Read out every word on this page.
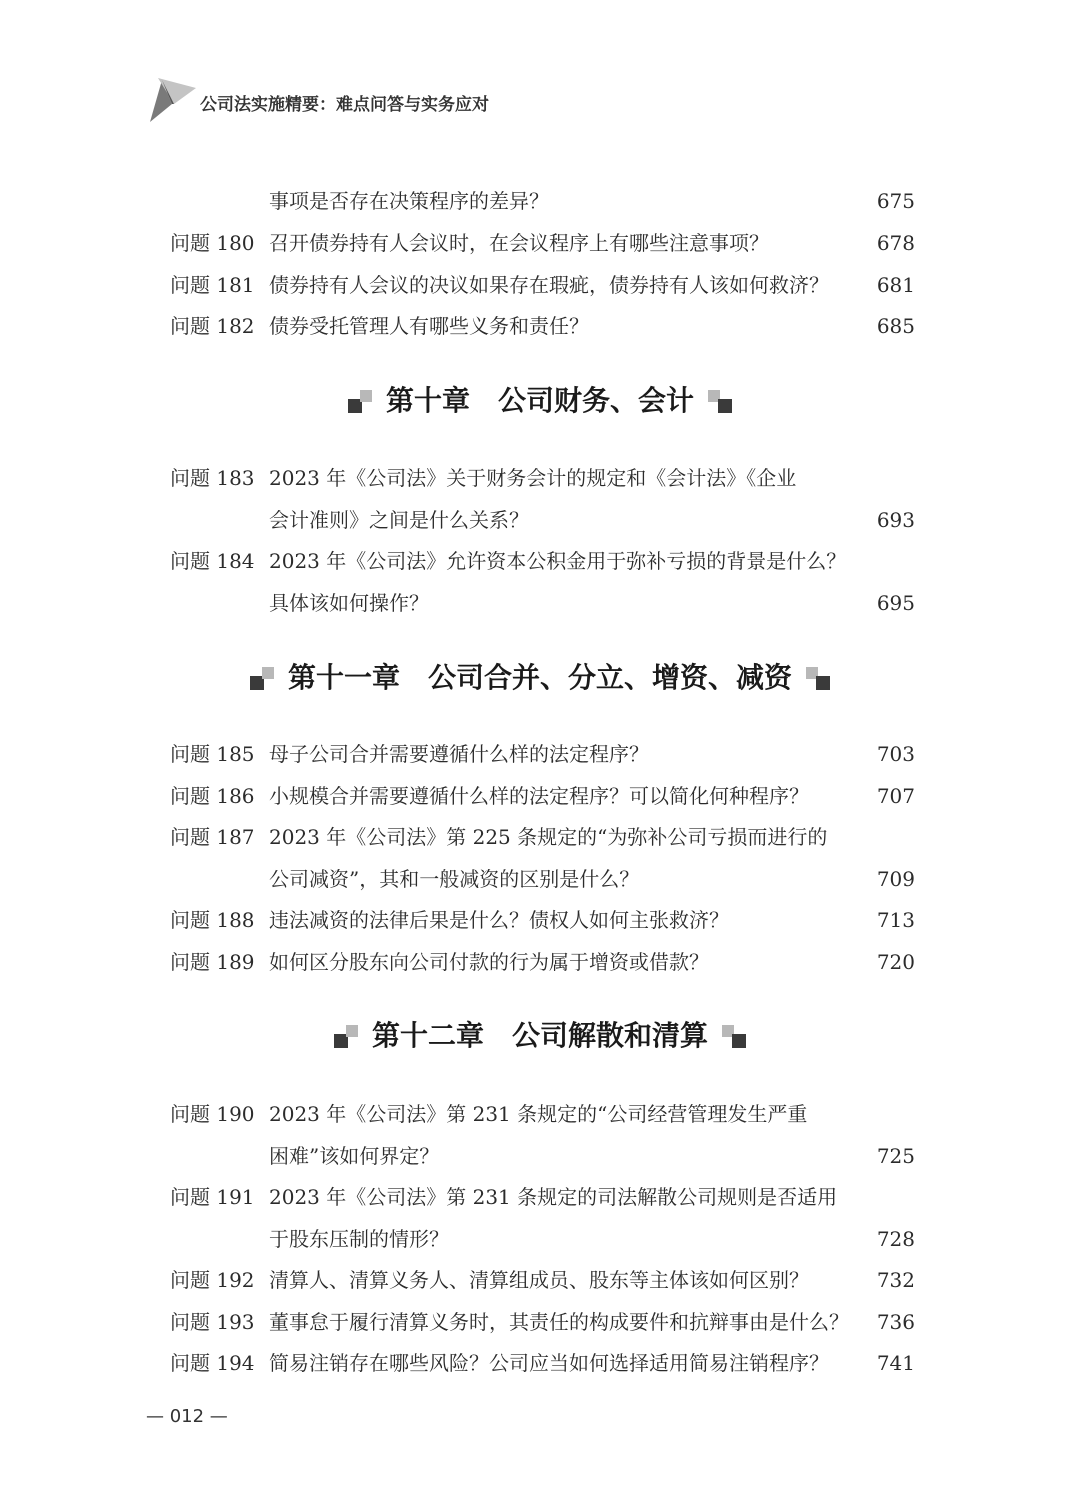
公司法实施精要：难点问答与实务应对
事项是否存在决策程序的差异？	675
问题 180 召开债券持有人会议时，在会议程序上有哪些注意事项？	678
问题 181 债券持有人会议的决议如果存在瑕疵，债券持有人该如何救济？	681
问题 182 债券受托管理人有哪些义务和责任？	685
第十章　公司财务、会计
问题 183 2023 年《公司法》关于财务会计的规定和《会计法》《企业
会计准则》之间是什么关系？	693
问题 184 2023 年《公司法》允许资本公积金用于弥补亏损的背景是什么？
具体该如何操作？	695
第十一章　公司合并、分立、增资、减资
问题 185 母子公司合并需要遵循什么样的法定程序？	703
问题 186 小规模合并需要遵循什么样的法定程序？可以简化何种程序？	707
问题 187 2023 年《公司法》第 225 条规定的“为弥补公司亏损而进行的
公司减资”，其和一般减资的区别是什么？	709
问题 188 违法减资的法律后果是什么？债权人如何主张救济？	713
问题 189 如何区分股东向公司付款的行为属于增资或借款？	720
第十二章　公司解散和清算
问题 190 2023 年《公司法》第 231 条规定的“公司经营管理发生严重
困难”该如何界定？	725
问题 191 2023 年《公司法》第 231 条规定的司法解散公司规则是否适用
于股东压制的情形？	728
问题 192 清算人、清算义务人、清算组成员、股东等主体该如何区别？	732
问题 193 董事怠于履行清算义务时，其责任的构成要件和抗辩事由是什么？ 736
问题 194 简易注销存在哪些风险？公司应当如何选择适用简易注销程序？	741
— 012 —
